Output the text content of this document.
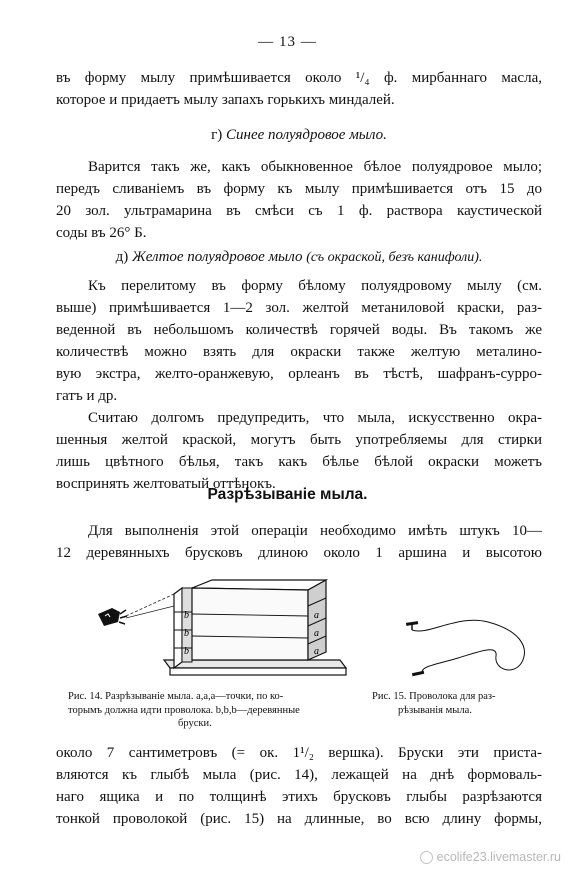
— 13 —
въ форму мылу примѣшивается около ¹/₄ ф. мирбаннаго масла,
которое и придаетъ мылу запахъ горькихъ миндалей.
г) Синее полуядровое мыло.
Варится такъ же, какъ обыкновенное бѣлое полуядровое мыло;
передъ сливаніемъ въ форму къ мылу примѣшивается отъ 15 до
20 зол. ультрамарина въ смѣси съ 1 ф. раствора каустической
соды въ 26° Б.
д) Желтое полуядровое мыло (съ окраской, безъ канифоли).
Къ перелитому въ форму бѣлому полуядровому мылу (см.
выше) примѣшивается 1—2 зол. желтой метаниловой краски, раз-
веденной въ небольшомъ количествѣ горячей воды. Въ такомъ же
количествѣ можно взять для окраски также желтую металино-
вую экстра, желто-оранжевую, орлеанъ въ тѣстѣ, шафранъ-суррo-
гатъ и др.
Считаю долгомъ предупредить, что мыла, искусственно окра-
шенныя желтой краской, могутъ быть употребляемы для стирки
лишь цвѣтного бѣлья, такъ какъ бѣлье бѣлой окраски можетъ
воспринять желтоватый оттѣнокъ.
Разрѣзываніе мыла.
Для выполненія этой операціи необходимо имѣть штукъ 10—
12 деревянныхъ брусковъ длиною около 1 аршина и высотою
b
b
b
a
a
a
Рис. 14. Разрѣзываніе мыла. a,a,a—точки, по ко-
торымъ должна идти проволока. b,b,b—деревянные
бруски.
Рис. 15. Проволока для раз-
рѣзыванія мыла.
около 7 сантиметровъ (= ок. 1¹/₂ вершка). Бруски эти приста-
вляются къ глыбѣ мыла (рис. 14), лежащей на днѣ формоваль-
наго ящика и по толщинѣ этихъ брусковъ глыбы разрѣзаются
тонкой проволокой (рис. 15) на длинные, во всю длину формы,
ecolife23.livemaster.ru
